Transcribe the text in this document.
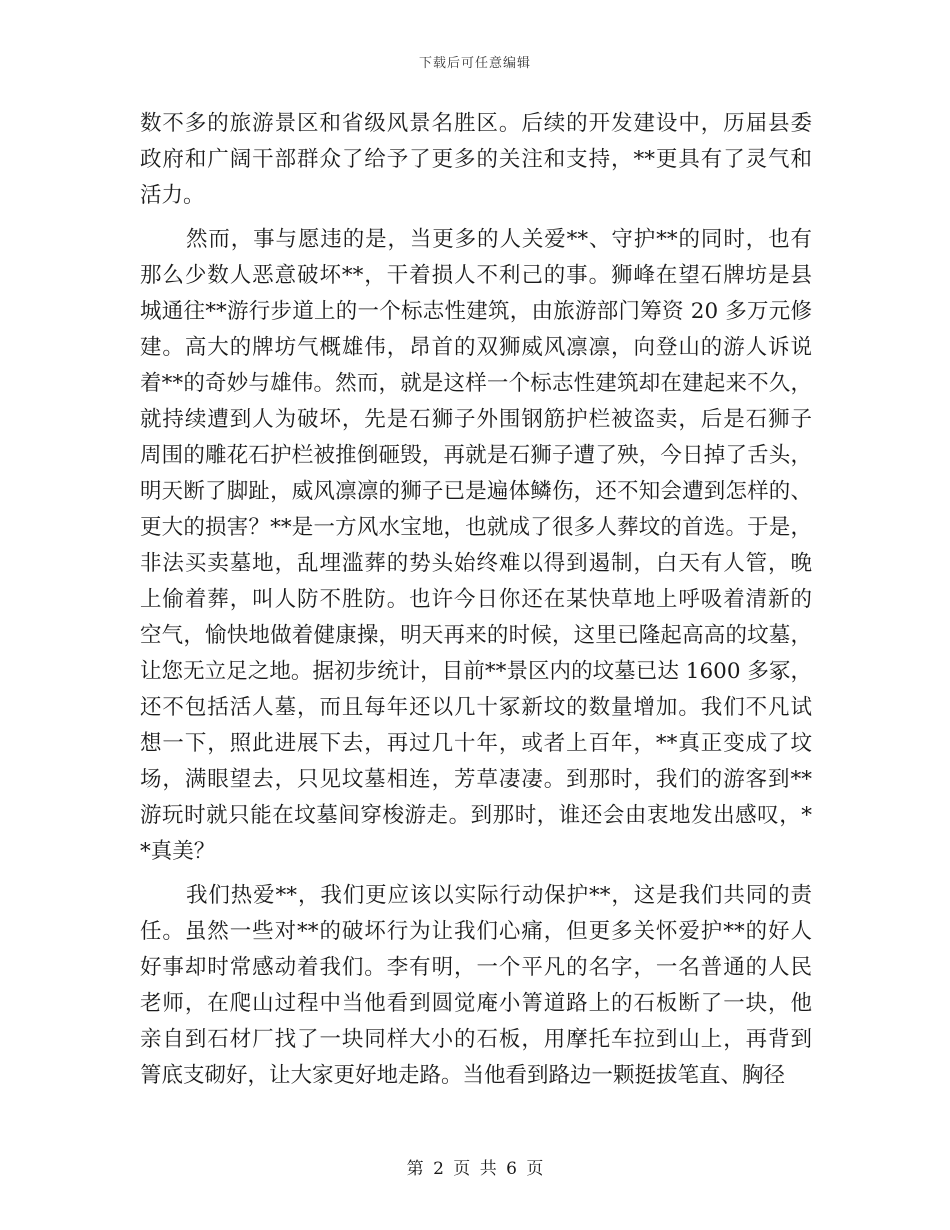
下载后可任意编辑
数不多的旅游景区和省级风景名胜区。后续的开发建设中，历届县委
政府和广阔干部群众了给予了更多的关注和支持，**更具有了灵气和
活力。
然而，事与愿违的是，当更多的人关爱**、守护**的同时，也有
那么少数人恶意破坏**，干着损人不利己的事。狮峰在望石牌坊是县
城通往**游行步道上的一个标志性建筑，由旅游部门筹资 20 多万元修
建。高大的牌坊气概雄伟，昂首的双狮威风凛凛，向登山的游人诉说
着**的奇妙与雄伟。然而，就是这样一个标志性建筑却在建起来不久，
就持续遭到人为破坏，先是石狮子外围钢筋护栏被盗卖，后是石狮子
周围的雕花石护栏被推倒砸毁，再就是石狮子遭了殃，今日掉了舌头，
明天断了脚趾，威风凛凛的狮子已是遍体鳞伤，还不知会遭到怎样的、
更大的损害？**是一方风水宝地，也就成了很多人葬坟的首选。于是，
非法买卖墓地，乱埋滥葬的势头始终难以得到遏制，白天有人管，晚
上偷着葬，叫人防不胜防。也许今日你还在某快草地上呼吸着清新的
空气，愉快地做着健康操，明天再来的时候，这里已隆起高高的坟墓，
让您无立足之地。据初步统计，目前**景区内的坟墓已达 1600 多冢，
还不包括活人墓，而且每年还以几十冢新坟的数量增加。我们不凡试
想一下，照此进展下去，再过几十年，或者上百年，**真正变成了坟
场，满眼望去，只见坟墓相连，芳草凄凄。到那时，我们的游客到**
游玩时就只能在坟墓间穿梭游走。到那时，谁还会由衷地发出感叹，*
*真美？
我们热爱**，我们更应该以实际行动保护**，这是我们共同的责
任。虽然一些对**的破坏行为让我们心痛，但更多关怀爱护**的好人
好事却时常感动着我们。李有明，一个平凡的名字，一名普通的人民
老师，在爬山过程中当他看到圆觉庵小箐道路上的石板断了一块，他
亲自到石材厂找了一块同样大小的石板，用摩托车拉到山上，再背到
箐底支砌好，让大家更好地走路。当他看到路边一颗挺拔笔直、胸径
第 2 页 共 6 页
